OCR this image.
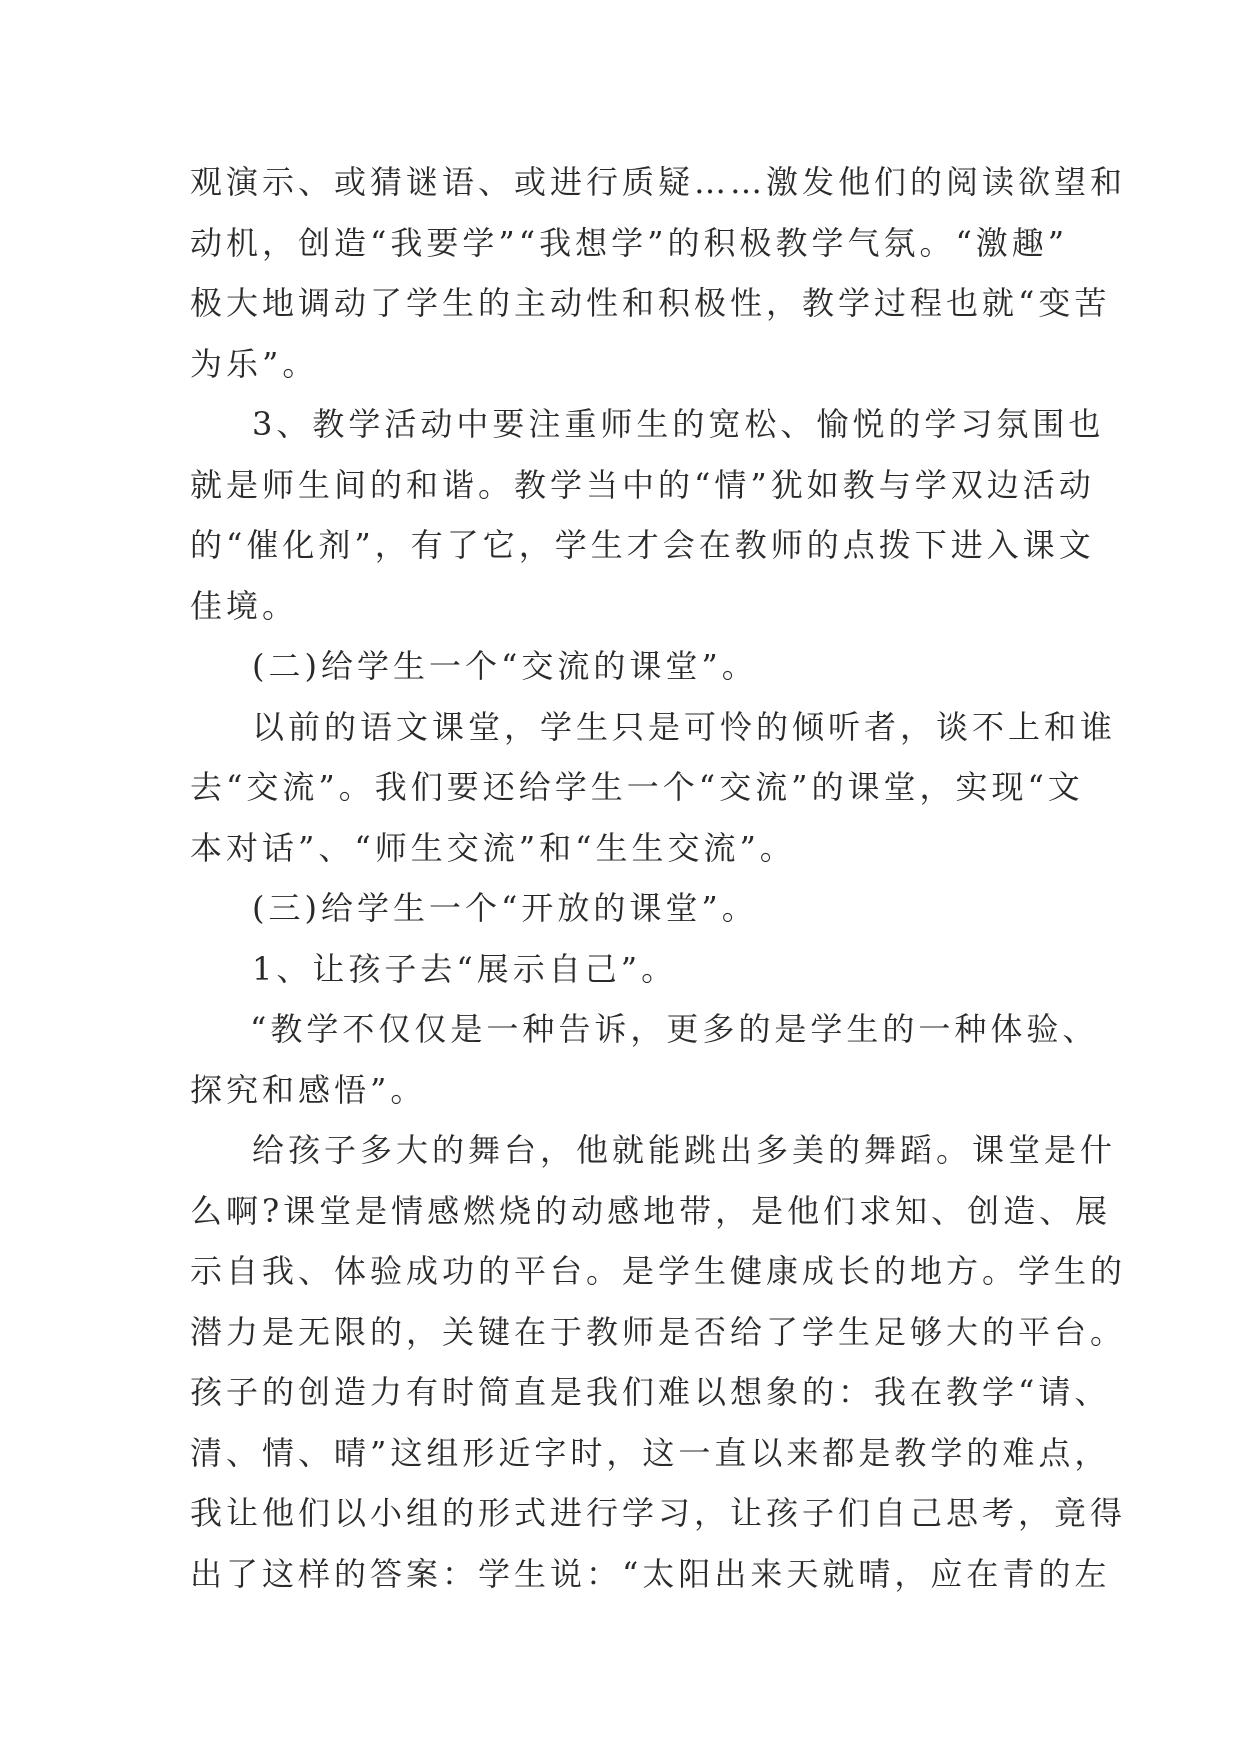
观演示、或猜谜语、或进行质疑……激发他们的阅读欲望和
动机，创造“我要学”“我想学”的积极教学气氛。“激趣”
极大地调动了学生的主动性和积极性，教学过程也就“变苦
为乐”。
3、教学活动中要注重师生的宽松、愉悦的学习氛围也
就是师生间的和谐。教学当中的“情”犹如教与学双边活动
的“催化剂”，有了它，学生才会在教师的点拨下进入课文
佳境。
(二)给学生一个“交流的课堂”。
以前的语文课堂，学生只是可怜的倾听者，谈不上和谁
去“交流”。我们要还给学生一个“交流”的课堂，实现“文
本对话”、“师生交流”和“生生交流”。
(三)给学生一个“开放的课堂”。
1、让孩子去“展示自己”。
“教学不仅仅是一种告诉，更多的是学生的一种体验、
探究和感悟”。
给孩子多大的舞台，他就能跳出多美的舞蹈。课堂是什
么啊?课堂是情感燃烧的动感地带，是他们求知、创造、展
示自我、体验成功的平台。是学生健康成长的地方。学生的
潜力是无限的，关键在于教师是否给了学生足够大的平台。
孩子的创造力有时简直是我们难以想象的：我在教学“请、
清、情、晴”这组形近字时，这一直以来都是教学的难点，
我让他们以小组的形式进行学习，让孩子们自己思考，竟得
出了这样的答案：学生说：“太阳出来天就晴，应在青的左
